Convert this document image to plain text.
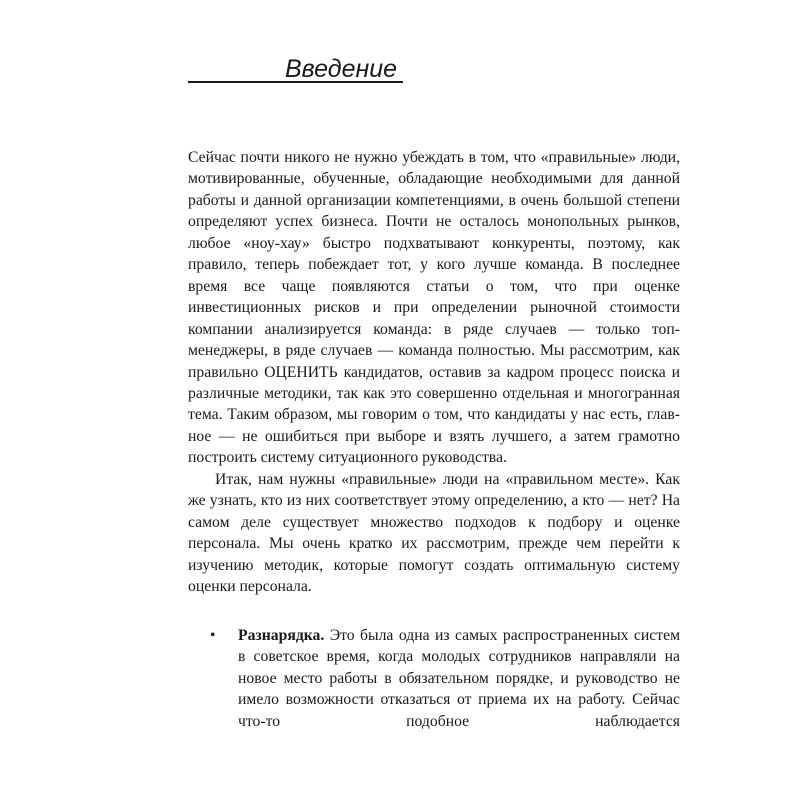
Введение

Сейчас почти никого не нужно убеждать в том, что «правильные» люди, мотивированные, обученные, обладающие необходимыми для данной работы и данной организации компетенциями, в очень большой степени определяют успех бизнеса. Почти не осталось монопольных рынков, любое «ноу-хау» быстро подхватывают конкуренты, поэтому, как правило, теперь побеждает тот, у кого лучше команда. В последнее время все чаще появляются статьи о том, что при оценке инвестиционных рисков и при определении рыночной стоимости компании анализируется команда: в ряде случаев — только топ-менеджеры, в ряде случаев — команда полностью. Мы рассмотрим, как правильно ОЦЕНИТЬ кандидатов, оставив за кадром процесс поиска и различные методики, так как это совершенно отдельная и многогранная тема. Таким образом, мы говорим о том, что кандидаты у нас есть, главное — не ошибиться при выборе и взять лучшего, а затем грамотно построить систему ситуационного руководства.

Итак, нам нужны «правильные» люди на «правильном месте». Как же узнать, кто из них соответствует этому определению, а кто — нет? На самом деле существует множество подходов к подбору и оценке персонала. Мы очень кратко их рассмотрим, прежде чем перейти к изучению методик, которые помогут создать оптимальную систему оценки персонала.

•	Разнарядка. Это была одна из самых распространенных систем в советское время, когда молодых сотрудников направляли на новое место работы в обязательном порядке, и руководство не имело возможности отказаться от приема их на работу. Сейчас что-то подобное наблюдается
